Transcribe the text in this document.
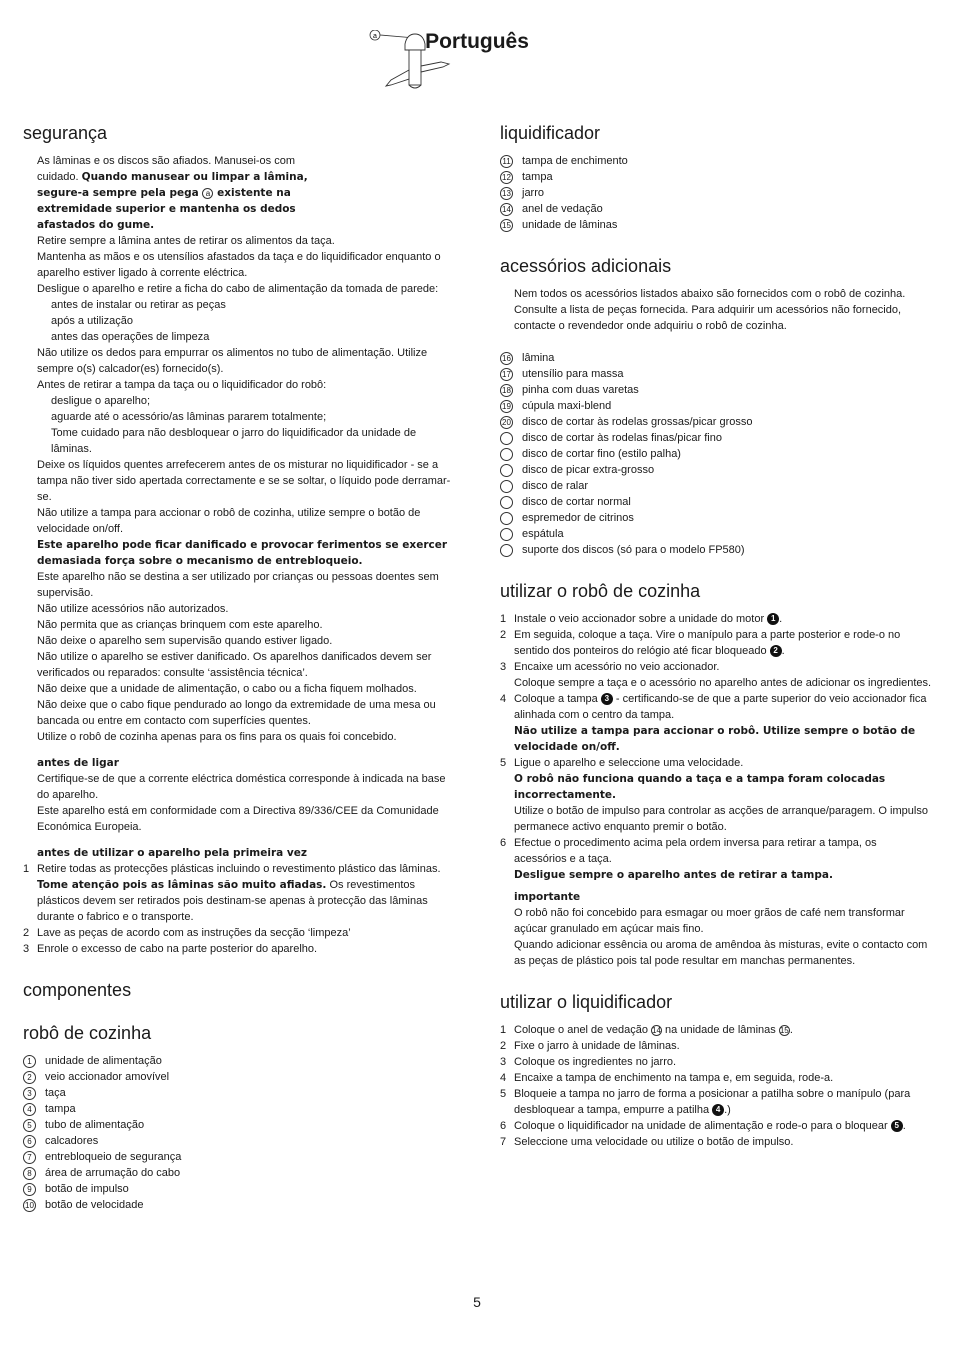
Português
segurança

As lâminas e os discos são afiados. Manusei-os com cuidado. Quando manusear ou limpar a lâmina, segure-a sempre pela pega a existente na extremidade superior e mantenha os dedos afastados do gume.

Retire sempre a lâmina antes de retirar os alimentos da taça.

Mantenha as mãos e os utensílios afastados da taça e do liquidificador enquanto o aparelho estiver ligado à corrente eléctrica.

Desligue o aparelho e retire a ficha do cabo de alimentação da tomada de parede:

antes de instalar ou retirar as peças

após a utilização

antes das operações de limpeza

Não utilize os dedos para empurrar os alimentos no tubo de alimentação. Utilize sempre o(s) calcador(es) fornecido(s).

Antes de retirar a tampa da taça ou o liquidificador do robô:

desligue o aparelho;

aguarde até o acessório/as lâminas pararem totalmente;

Tome cuidado para não desbloquear o jarro do liquidificador da unidade de lâminas.

Deixe os líquidos quentes arrefecerem antes de os misturar no liquidificador - se a tampa não tiver sido apertada correctamente e se se soltar, o líquido pode derramar-se.

Não utilize a tampa para accionar o robô de cozinha, utilize sempre o botão de velocidade on/off.

Este aparelho pode ficar danificado e provocar ferimentos se exercer demasiada força sobre o mecanismo de entrebloqueio.

Este aparelho não se destina a ser utilizado por crianças ou pessoas doentes sem supervisão.

Não utilize acessórios não autorizados.

Não permita que as crianças brinquem com este aparelho.

Não deixe o aparelho sem supervisão quando estiver ligado.

Não utilize o aparelho se estiver danificado. Os aparelhos danificados devem ser verificados ou reparados: consulte ‘assistência técnica’.

Não deixe que a unidade de alimentação, o cabo ou a ficha fiquem molhados.

Não deixe que o cabo fique pendurado ao longo da extremidade de uma mesa ou bancada ou entre em contacto com superfícies quentes.

Utilize o robô de cozinha apenas para os fins para os quais foi concebido.

antes de ligar

Certifique-se de que a corrente eléctrica doméstica corresponde à indicada na base do aparelho.

Este aparelho está em conformidade com a Directiva 89/336/CEE da Comunidade Económica Europeia.

antes de utilizar o aparelho pela primeira vez

1 Retire todas as protecções plásticas incluindo o revestimento plástico das lâminas. Tome atenção pois as lâminas são muito afiadas. Os revestimentos plásticos devem ser retirados pois destinam-se apenas à protecção das lâminas durante o fabrico e o transporte.
2 Lave as peças de acordo com as instruções da secção ‘limpeza’
3 Enrole o excesso de cabo na parte posterior do aparelho.
componentes
robô de cozinha
1	unidade de alimentação
2	veio accionador amovível
3	taça
4	tampa
5	tubo de alimentação
6	calcadores
7	entrebloqueio de segurança
8	área de arrumação do cabo
9	botão de impulso
10 botão de velocidade
a
liquidificador
11 tampa de enchimento
12 tampa
13 jarro
14 anel de vedação
15 unidade de lâminas
acessórios adicionais

Nem todos os acessórios listados abaixo são fornecidos com o robô de cozinha. Consulte a lista de peças fornecida. Para adquirir um acessórios não fornecido, contacte o revendedor onde adquiriu o robô de cozinha.

16 lâmina
17 utensílio para massa
18 pinha com duas varetas
19 cúpula maxi-blend
20 disco de cortar às rodelas grossas/picar grosso
disco de cortar às rodelas finas/picar fino
disco de cortar fino (estilo palha)
disco de picar extra-grosso
disco de ralar
disco de cortar normal
espremedor de citrinos
espátula
suporte dos discos (só para o modelo FP580)
utilizar o robô de cozinha
1 Instale o veio accionador sobre a unidade do motor 1 .
2 Em seguida, coloque a taça. Vire o manípulo para a parte posterior e rode-o no sentido dos ponteiros do relógio até ficar bloqueado 2 .
3 Encaixe um acessório no veio accionador.
Coloque sempre a taça e o acessório no aparelho antes de adicionar os ingredientes.
4 Coloque a tampa 3 - certificando-se de que a parte superior do veio accionador fica alinhada com o centro da tampa.
Não utilize a tampa para accionar o robô. Utilize sempre o botão de velocidade on/off.
5 Ligue o aparelho e seleccione uma velocidade.
O robô não funciona quando a taça e a tampa foram colocadas incorrectamente.
Utilize o botão de impulso para controlar as acções de arranque/paragem. O impulso permanece activo enquanto premir o botão.
6 Efectue o procedimento acima pela ordem inversa para retirar a tampa, os acessórios e a taça.
Desligue sempre o aparelho antes de retirar a tampa.

importante

O robô não foi concebido para esmagar ou moer grãos de café nem transformar açúcar granulado em açúcar mais fino.

Quando adicionar essência ou aroma de amêndoa às misturas, evite o contacto com as peças de plástico pois tal pode resultar em manchas permanentes.

utilizar o liquidificador
1 Coloque o anel de vedação 14 na unidade de lâminas 15.
2 Fixe o jarro à unidade de lâminas.
3 Coloque os ingredientes no jarro.
4 Encaixe a tampa de enchimento na tampa e, em seguida, rode-a.
5 Bloqueie a tampa no jarro de forma a posicionar a patilha sobre o manípulo (para desbloquear a tampa, empurre a patilha 4 .)
6 Coloque o liquidificador na unidade de alimentação e rode-o para o bloquear 5 .
7 Seleccione uma velocidade ou utilize o botão de impulso.
5
